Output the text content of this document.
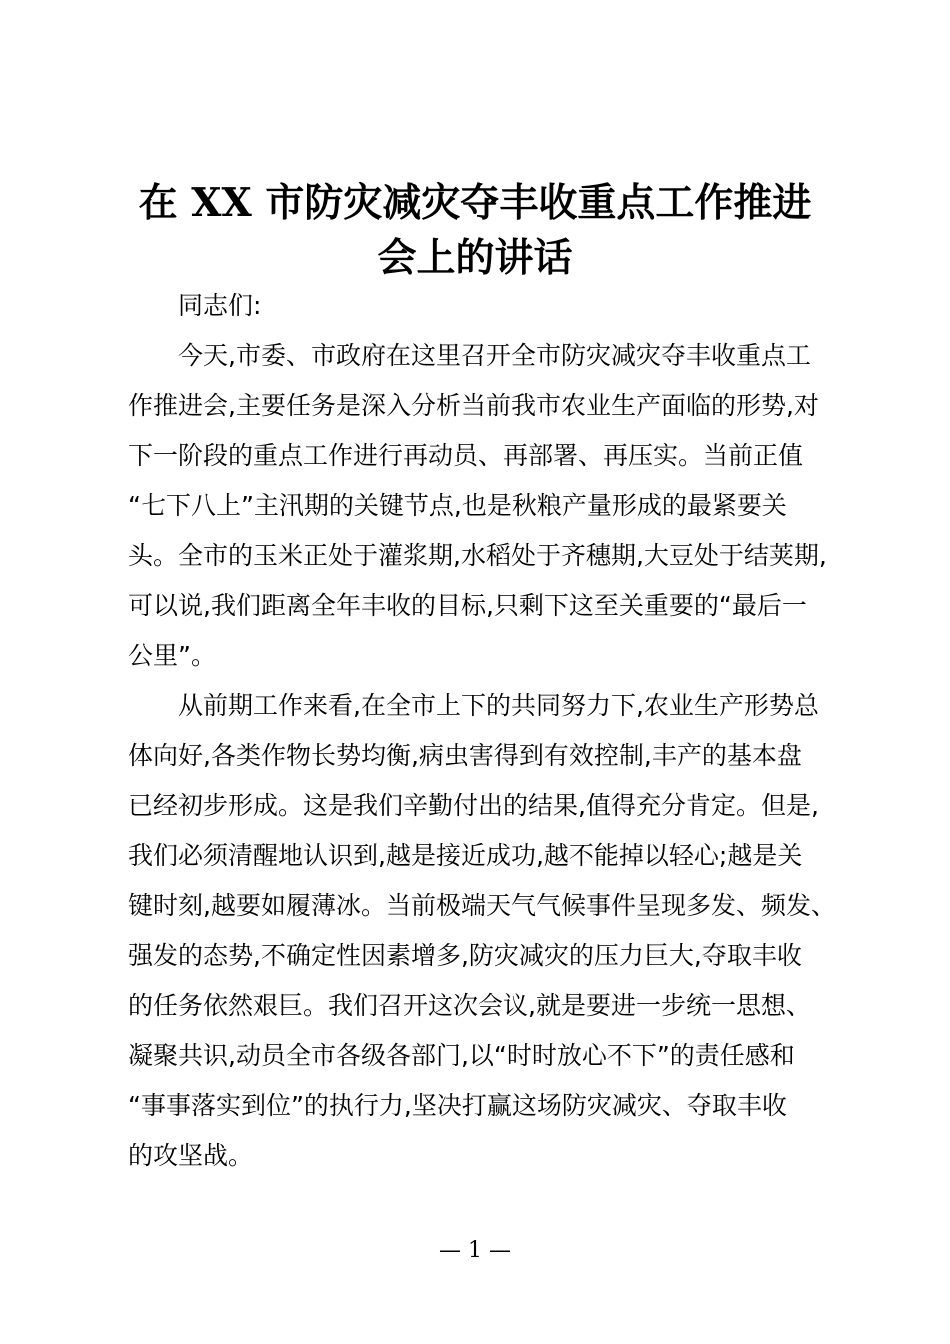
在 XX 市防灾减灾夺丰收重点工作推进
会上的讲话

同志们:

今天,市委、市政府在这里召开全市防灾减灾夺丰收重点工
作推进会,主要任务是深入分析当前我市农业生产面临的形势,对
下一阶段的重点工作进行再动员、再部署、再压实。当前正值
“七下八上”主汛期的关键节点,也是秋粮产量形成的最紧要关
头。全市的玉米正处于灌浆期,水稻处于齐穗期,大豆处于结荚期,
可以说,我们距离全年丰收的目标,只剩下这至关重要的“最后一
公里”。

从前期工作来看,在全市上下的共同努力下,农业生产形势总
体向好,各类作物长势均衡,病虫害得到有效控制,丰产的基本盘
已经初步形成。这是我们辛勤付出的结果,值得充分肯定。但是,
我们必须清醒地认识到,越是接近成功,越不能掉以轻心;越是关
键时刻,越要如履薄冰。当前极端天气气候事件呈现多发、频发、
强发的态势,不确定性因素增多,防灾减灾的压力巨大,夺取丰收
的任务依然艰巨。我们召开这次会议,就是要进一步统一思想、
凝聚共识,动员全市各级各部门,以“时时放心不下”的责任感和
“事事落实到位”的执行力,坚决打赢这场防灾减灾、夺取丰收
的攻坚战。

— 1 —
